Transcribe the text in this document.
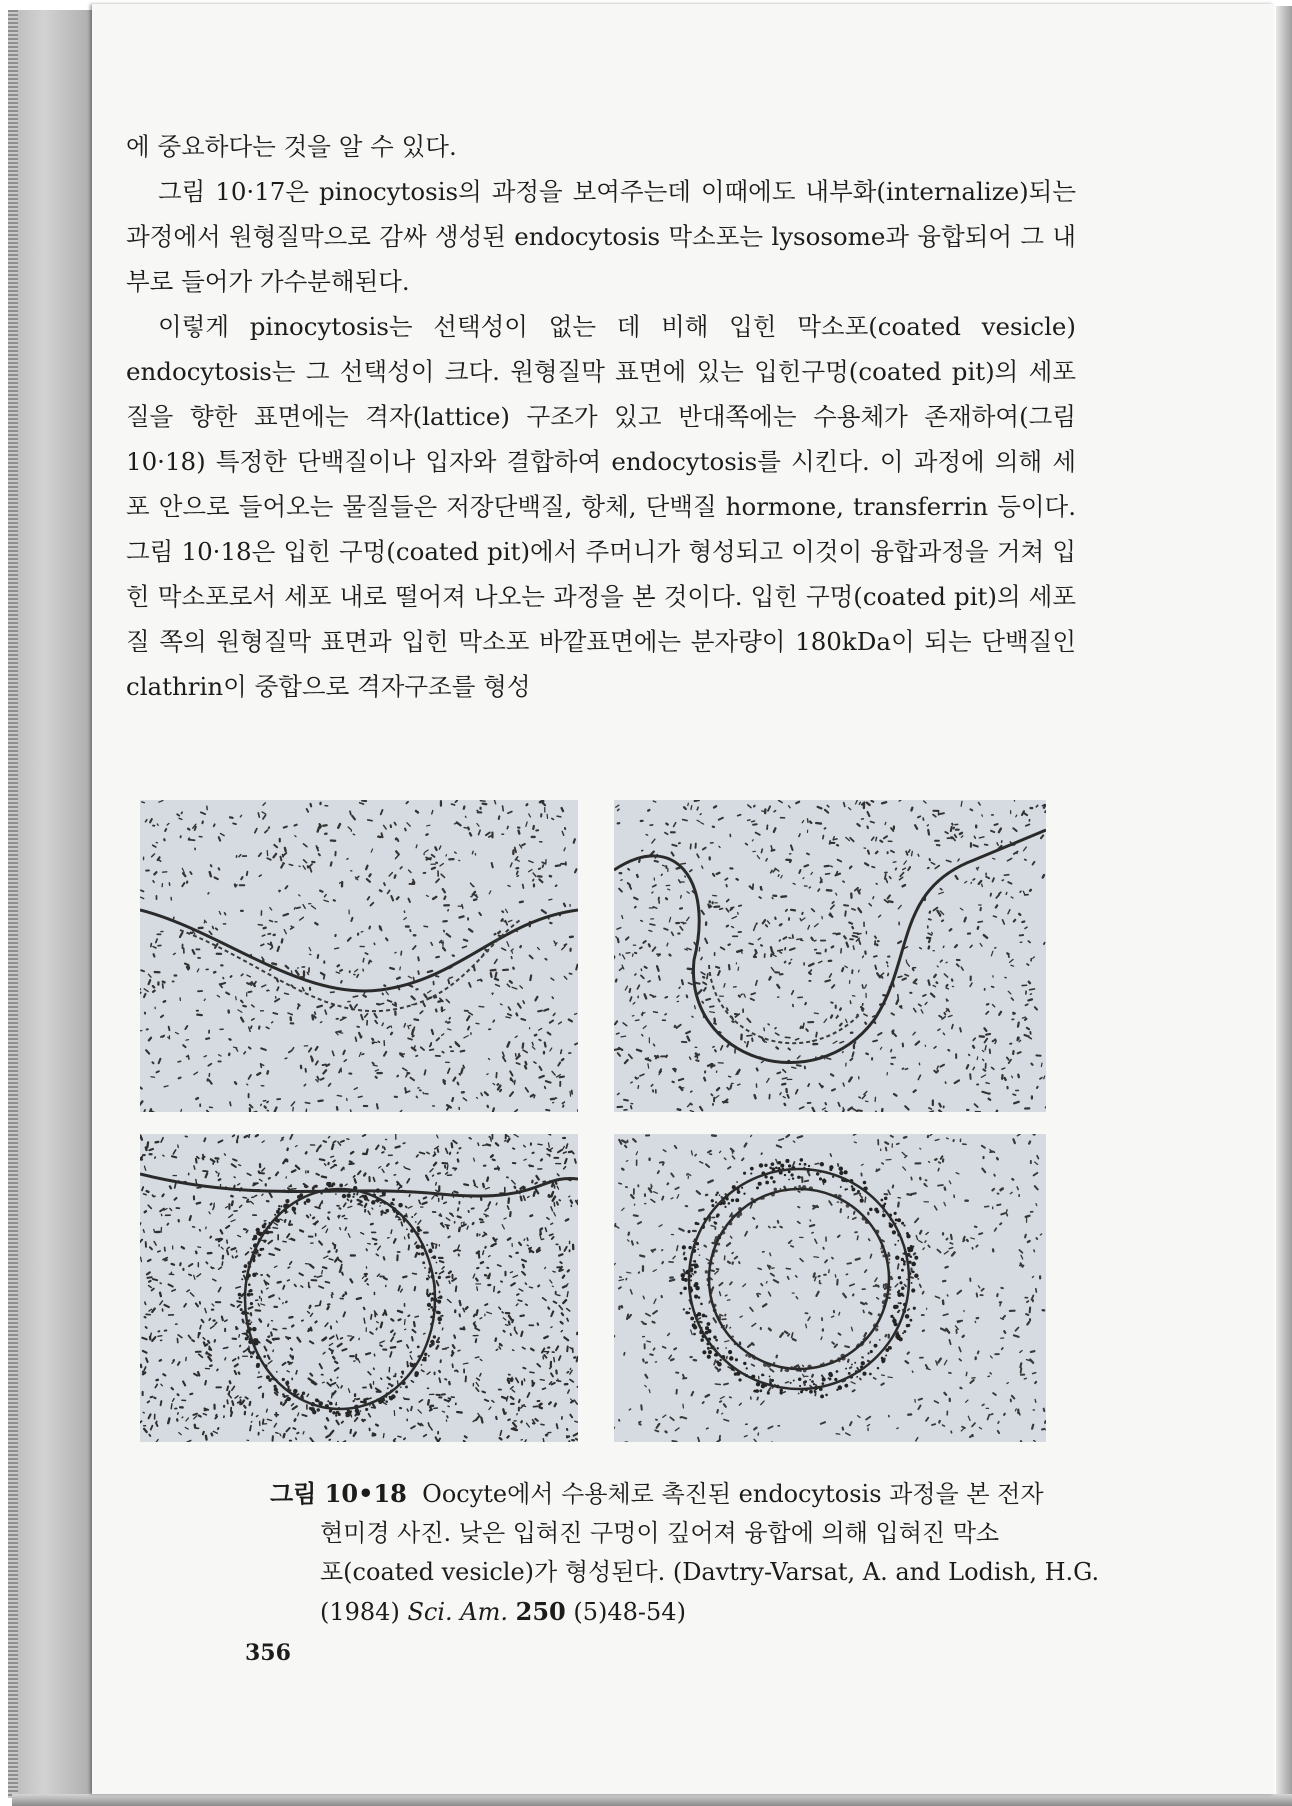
에 중요하다는 것을 알 수 있다.

그림 10·17은 pinocytosis의 과정을 보여주는데 이때에도 내부화(internalize)되는 과정에서 원형질막으로 감싸 생성된 endocytosis 막소포는 lysosome과 융합되어 그 내부로 들어가 가수분해된다.

이렇게 pinocytosis는 선택성이 없는 데 비해 입힌 막소포(coated vesicle) endocytosis는 그 선택성이 크다. 원형질막 표면에 있는 입힌구멍(coated pit)의 세포질을 향한 표면에는 격자(lattice) 구조가 있고 반대쪽에는 수용체가 존재하여(그림 10·18) 특정한 단백질이나 입자와 결합하여 endocytosis를 시킨다. 이 과정에 의해 세포 안으로 들어오는 물질들은 저장단백질, 항체, 단백질 hormone, transferrin 등이다. 그림 10·18은 입힌 구멍(coated pit)에서 주머니가 형성되고 이것이 융합과정을 거쳐 입힌 막소포로서 세포 내로 떨어져 나오는 과정을 본 것이다. 입힌 구멍(coated pit)의 세포질 쪽의 원형질막 표면과 입힌 막소포 바깥표면에는 분자량이 180kDa이 되는 단백질인 clathrin이 중합으로 격자구조를 형성

그림 10•18 Oocyte에서 수용체로 촉진된 endocytosis 과정을 본 전자

현미경 사진. 낮은 입혀진 구멍이 깊어져 융합에 의해 입혀진 막소

포(coated vesicle)가 형성된다. (Davtry-Varsat, A. and Lodish, H.G.

(1984) Sci. Am. 250 (5)48-54)

356
